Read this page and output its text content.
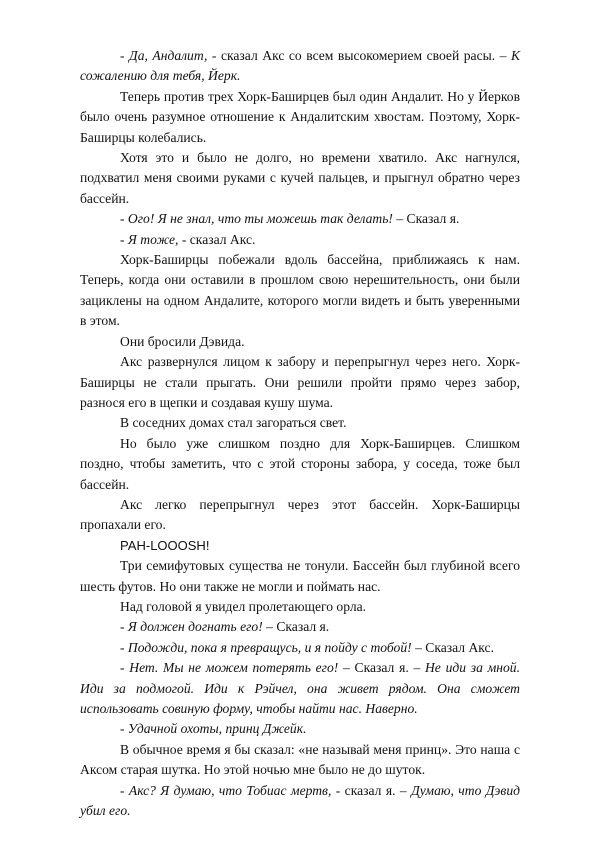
- Да, Андалит, - сказал Акс со всем высокомерием своей расы. – К сожалению для тебя, Йерк.

Теперь против трех Хорк-Баширцев был один Андалит. Но у Йерков было очень разумное отношение к Андалитским хвостам. Поэтому, Хорк-Баширцы колебались.

Хотя это и было не долго, но времени хватило. Акс нагнулся, подхватил меня своими руками с кучей пальцев, и прыгнул обратно через бассейн.

- Ого! Я не знал, что ты можешь так делать! – Сказал я.

- Я тоже, - сказал Акс.

Хорк-Баширцы побежали вдоль бассейна, приближаясь к нам. Теперь, когда они оставили в прошлом свою нерешительность, они были зациклены на одном Андалите, которого могли видеть и быть уверенными в этом.

Они бросили Дэвида.

Акс развернулся лицом к забору и перепрыгнул через него. Хорк-Баширцы не стали прыгать. Они решили пройти прямо через забор, разнося его в щепки и создавая кушу шума.

В соседних домах стал загораться свет.

Но было уже слишком поздно для Хорк-Баширцев. Слишком поздно, чтобы заметить, что с этой стороны забора, у соседа, тоже был бассейн.

Акс легко перепрыгнул через этот бассейн. Хорк-Баширцы пропахали его.

РАН-LOOOSH!

Три семифутовых существа не тонули. Бассейн был глубиной всего шесть футов. Но они также не могли и поймать нас.

Над головой я увидел пролетающего орла.

- Я должен догнать его! – Сказал я.

- Подожди, пока я превращусь, и я пойду с тобой! – Сказал Акс.

- Нет. Мы не можем потерять его! – Сказал я. – Не иди за мной. Иди за подмогой. Иди к Рэйчел, она живет рядом. Она сможет использовать совиную форму, чтобы найти нас. Наверно.

- Удачной охоты, принц Джейк.

В обычное время я бы сказал: «не называй меня принц». Это наша с Аксом старая шутка. Но этой ночью мне было не до шуток.

- Акс? Я думаю, что Тобиас мертв, - сказал я. – Думаю, что Дэвид убил его.
